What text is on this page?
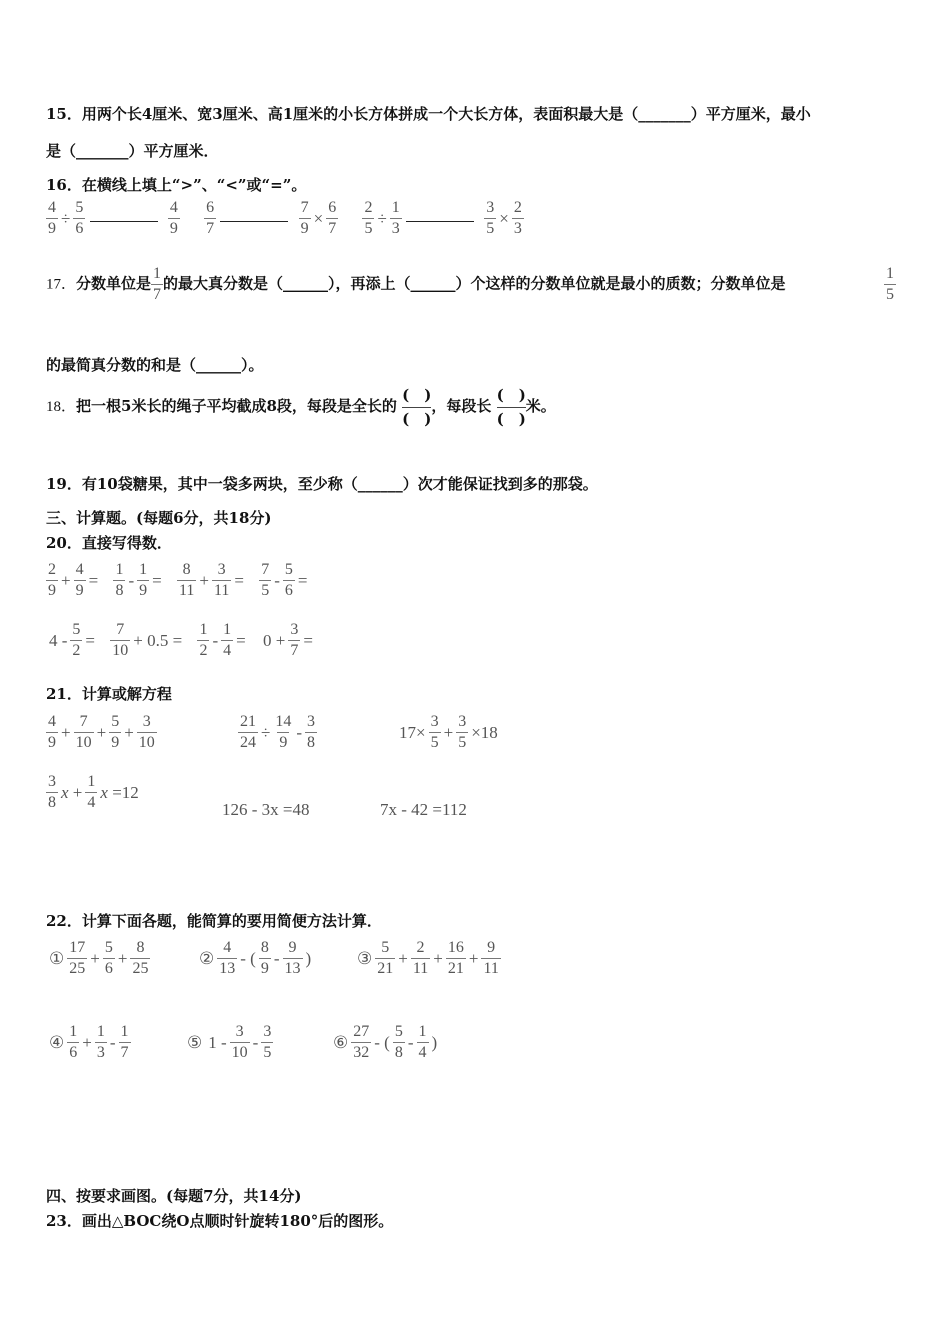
15．用两个长4厘米、宽3厘米、高1厘米的小长方体拼成一个大长方体，表面积最大是（_______）平方厘米，最小
是（_______）平方厘米．
16．在横线上填上“>”、“<”或“=”。
$\frac{4}{9} \div \frac{5}{6}$
	$\frac{4}{9}$
$\frac{6}{7}$
	$\frac{7}{9} \times \frac{6}{7}$
$\frac{2}{5} \div \frac{1}{3}$
	$\frac{3}{5} \times \frac{2}{3}$
17．分数单位是 $\frac{1}{7}$ 的最大真分数是（______），再添上（______）个这样的分数单位就是最小的质数；分数单位是	$\frac{1}{5}$
的最简真分数的和是（______）。
18．把一根5米长的绳子平均截成8段，每段是全长的
(　)
(　)
，每段长
(　)
(　)
米。
19．有10袋糖果，其中一袋多两块，至少称（______）次才能保证找到多的那袋。
三、计算题。(每题6分，共18分)
20．直接写得数．
$\frac{2}{9} + \frac{4}{9} = \frac{1}{8} - \frac{1}{9} = \frac{8}{11} + \frac{3}{11} = \frac{7}{5} - \frac{5}{6}$ =
$4 - \frac{5}{2} = \frac{7}{10} + 0.5 = \frac{1}{2} - \frac{1}{4} = 0 + \frac{3}{7}$ =
21．计算或解方程
$\frac{4}{9} + \frac{7}{10} + \frac{5}{9} + \frac{3}{10}$	$\frac{21}{24} \div \frac{14}{9} - \frac{3}{8}$	$17\times \frac{3}{5} + \frac{3}{5} \times 18$
$\frac{3}{8}$ $x + \frac{1}{4}$ x =12
126 - 3x =48	7x - 42 =112
22．计算下面各题，能简算的要用简便方法计算．
① $\frac{17}{25} + \frac{5}{6} + \frac{8}{25}$	② $\frac{4}{13}$ - ( $\frac{8}{9} - \frac{9}{13}$ )	③ $\frac{5}{21} + \frac{2}{11} + \frac{16}{21} + \frac{9}{11}$
④ $\frac{1}{6} + \frac{1}{3} - \frac{1}{7}$	⑤ $1 - \frac{3}{10} - \frac{3}{5}$	⑥ $\frac{27}{32}$ - ( $\frac{5}{8} - \frac{1}{4}$ )
四、按要求画图。(每题7分，共14分)
23．画出△BOC绕O点顺时针旋转180°后的图形。
